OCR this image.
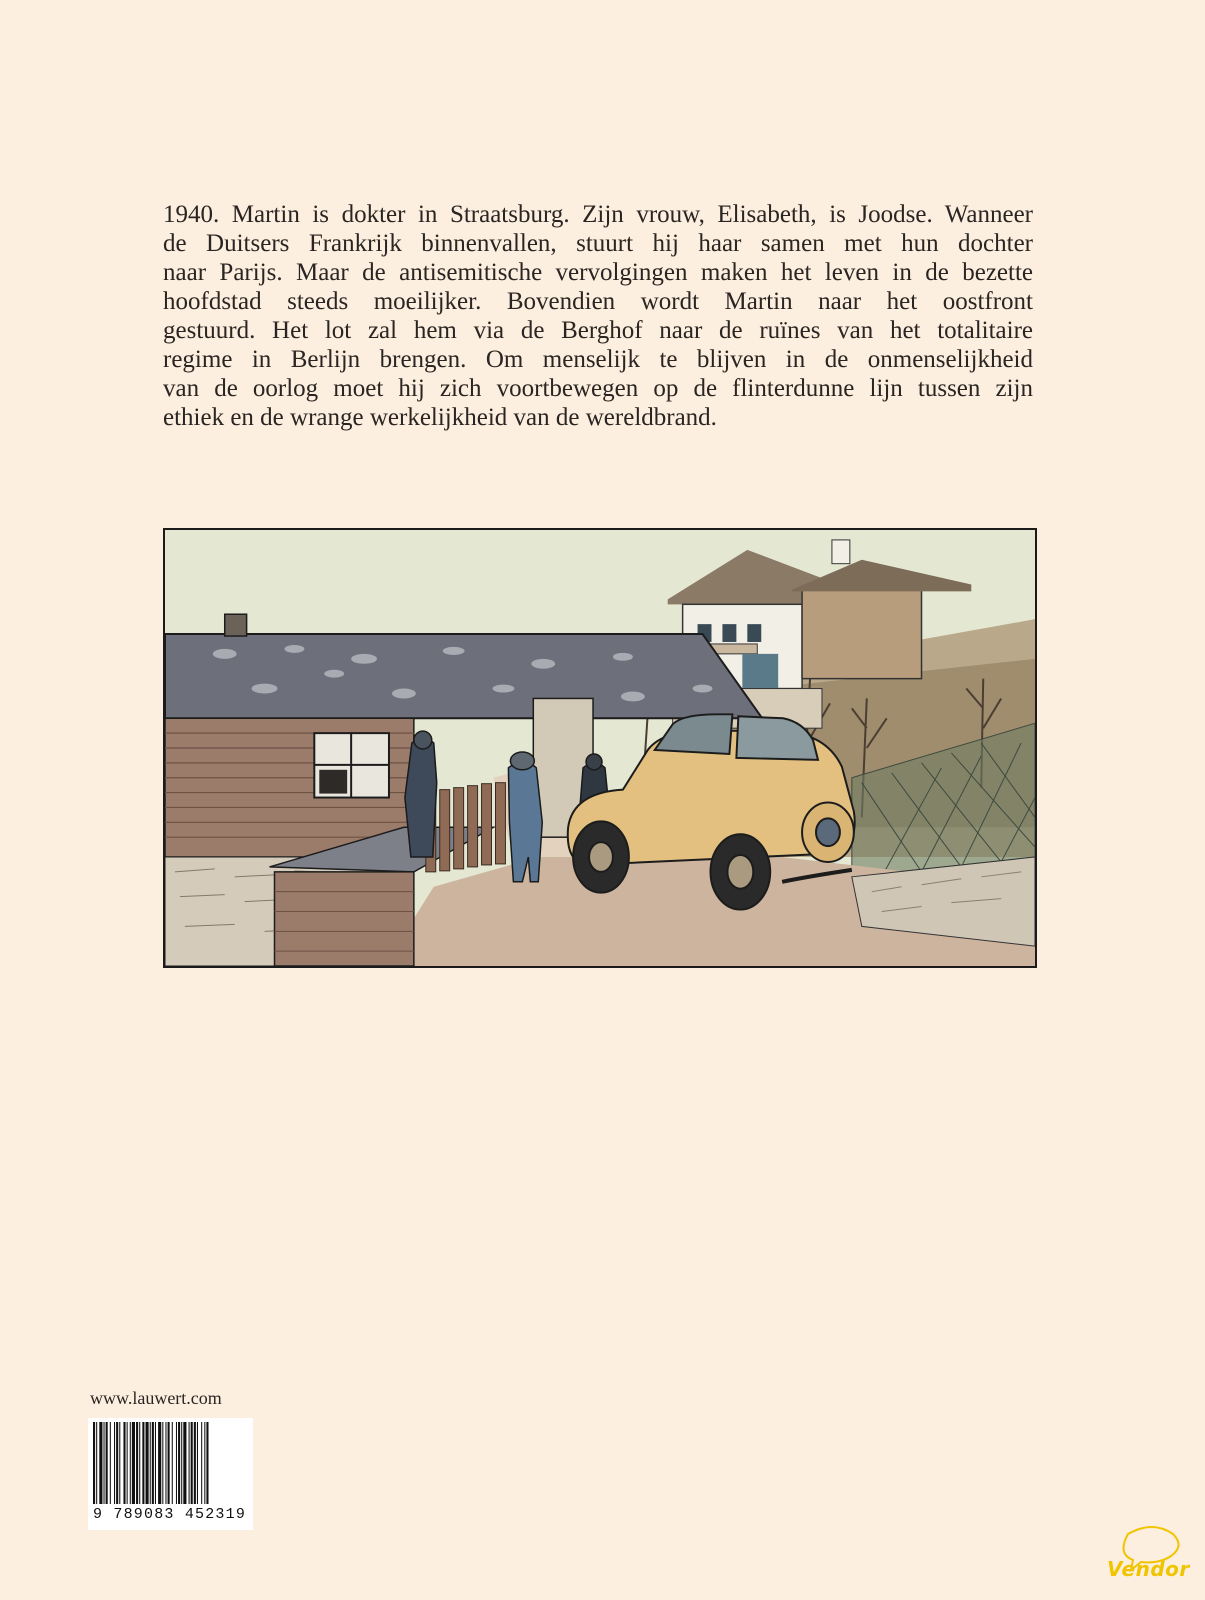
1940. Martin is dokter in Straatsburg. Zijn vrouw, Elisabeth, is Joodse. Wanneer
de Duitsers Frankrijk binnenvallen, stuurt hij haar samen met hun dochter
naar Parijs. Maar de antisemitische vervolgingen maken het leven in de bezette
hoofdstad steeds moeilijker. Bovendien wordt Martin naar het oostfront
gestuurd. Het lot zal hem via de Berghof naar de ruïnes van het totalitaire
regime in Berlijn brengen. Om menselijk te blijven in de onmenselijkheid
van de oorlog moet hij zich voortbewegen op de flinterdunne lijn tussen zijn
ethiek en de wrange werkelijkheid van de wereldbrand.
www.lauwert.com
9 789083 452319
Vendor
